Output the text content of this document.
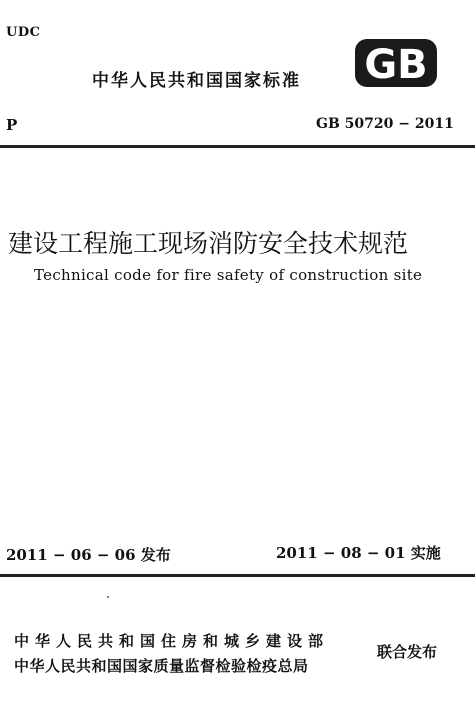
UDC
中华人民共和国国家标准 GB
P	GB 50720 − 2011
建设工程施工现场消防安全技术规范
Technical code for fire safety of construction site
2011 − 06 − 06 发布	2011 − 08 − 01 实施
中华人民共和国住房和城乡建设部
中华人民共和国国家质量监督检验检疫总局
联合发布
